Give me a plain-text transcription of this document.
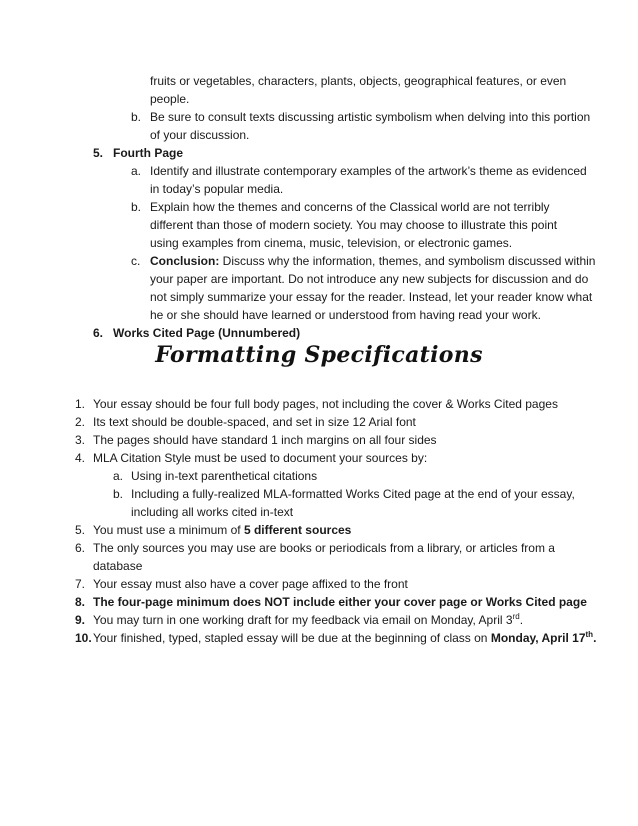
fruits or vegetables, characters, plants, objects, geographical features, or even
people.
b. Be sure to consult texts discussing artistic symbolism when delving into this portion
of your discussion.
5. Fourth Page
a. Identify and illustrate contemporary examples of the artwork’s theme as evidenced
in today’s popular media.
b. Explain how the themes and concerns of the Classical world are not terribly
different than those of modern society. You may choose to illustrate this point
using examples from cinema, music, television, or electronic games.
c. Conclusion: Discuss why the information, themes, and symbolism discussed within
your paper are important. Do not introduce any new subjects for discussion and do
not simply summarize your essay for the reader. Instead, let your reader know what
he or she should have learned or understood from having read your work.
6. Works Cited Page (Unnumbered)
Formatting Specifications
1. Your essay should be four full body pages, not including the cover & Works Cited pages
2. Its text should be double-spaced, and set in size 12 Arial font
3. The pages should have standard 1 inch margins on all four sides
4. MLA Citation Style must be used to document your sources by:
a. Using in-text parenthetical citations
b. Including a fully-realized MLA-formatted Works Cited page at the end of your essay,
including all works cited in-text
5. You must use a minimum of 5 different sources
6. The only sources you may use are books or periodicals from a library, or articles from a
database
7. Your essay must also have a cover page affixed to the front
8. The four-page minimum does NOT include either your cover page or Works Cited page
9. You may turn in one working draft for my feedback via email on Monday, April 3rd.
10.Your finished, typed, stapled essay will be due at the beginning of class on Monday, April 17th.
